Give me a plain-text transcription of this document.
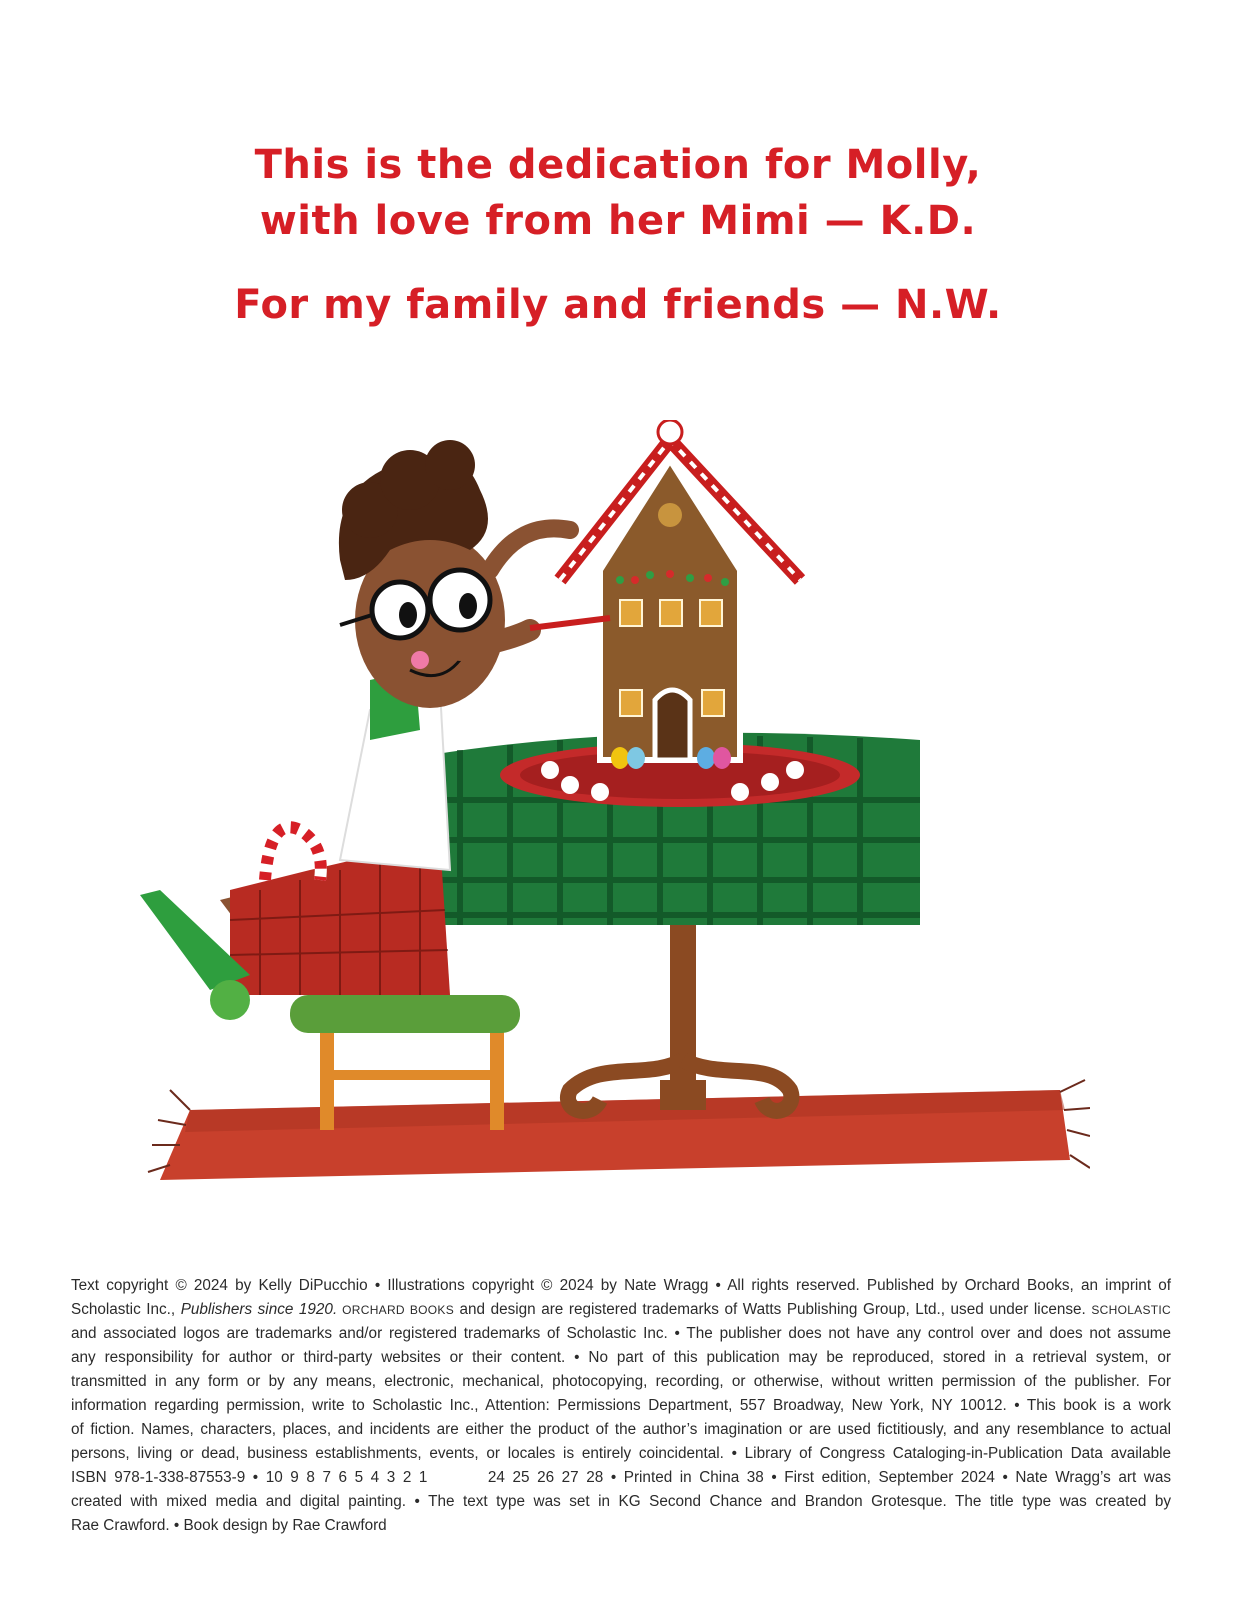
This is the dedication for Molly,
with love from her Mimi — K.D.
For my family and friends — N.W.
Text copyright © 2024 by Kelly DiPucchio • Illustrations copyright © 2024 by Nate Wragg • All rights reserved. Published by Orchard Books, an imprint of
Scholastic Inc., Publishers since 1920. ORCHARD BOOKS and design are registered trademarks of Watts Publishing Group, Ltd., used under license. SCHOLASTIC
and associated logos are trademarks and/or registered trademarks of Scholastic Inc. • The publisher does not have any control over and does not assume
any responsibility for author or third-party websites or their content. • No part of this publication may be reproduced, stored in a retrieval system, or
transmitted in any form or by any means, electronic, mechanical, photocopying, recording, or otherwise, without written permission of the publisher. For
information regarding permission, write to Scholastic Inc., Attention: Permissions Department, 557 Broadway, New York, NY 10012. • This book is a work
of fiction. Names, characters, places, and incidents are either the product of the author’s imagination or are used fictitiously, and any resemblance to actual
persons, living or dead, business establishments, events, or locales is entirely coincidental. • Library of Congress Cataloging-in-Publication Data available
ISBN 978-1-338-87553-9 • 10 9 8 7 6 5 4 3 2 1        24 25 26 27 28 • Printed in China 38 • First edition, September 2024 • Nate Wragg’s art was
created with mixed media and digital painting. • The text type was set in KG Second Chance and Brandon Grotesque. The title type was created by
Rae Crawford. • Book design by Rae Crawford
